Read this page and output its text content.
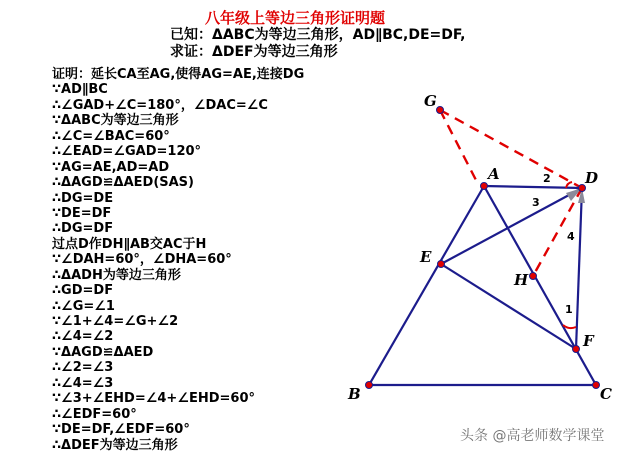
八年级上等边三角形证明题
已知：ΔABC为等边三角形，AD∥BC,DE=DF,
求证：ΔDEF为等边三角形
证明：延长CA至AG,使得AG=AE,连接DG
∵AD∥BC
∴∠GAD+∠C=180°，∠DAC=∠C
∵ΔABC为等边三角形
∴∠C=∠BAC=60°
∴∠EAD=∠GAD=120°
∵AG=AE,AD=AD
∴ΔAGD≌ΔAED(SAS)
∴DG=DE
∵DE=DF
∴DG=DF
过点D作DH∥AB交AC于H
∵∠DAH=60°，∠DHA=60°
∴ΔADH为等边三角形
∴GD=DF
∴∠G=∠1
∵∠1+∠4=∠G+∠2
∴∠4=∠2
∵ΔAGD≌ΔAED
∴∠2=∠3
∴∠4=∠3
∵∠3+∠EHD=∠4+∠EHD=60°
∴∠EDF=60°
∵DE=DF,∠EDF=60°
∴ΔDEF为等边三角形
G
A	D
E
H
F
B	C
1
2
3
4
头条 @高老师数学课堂
